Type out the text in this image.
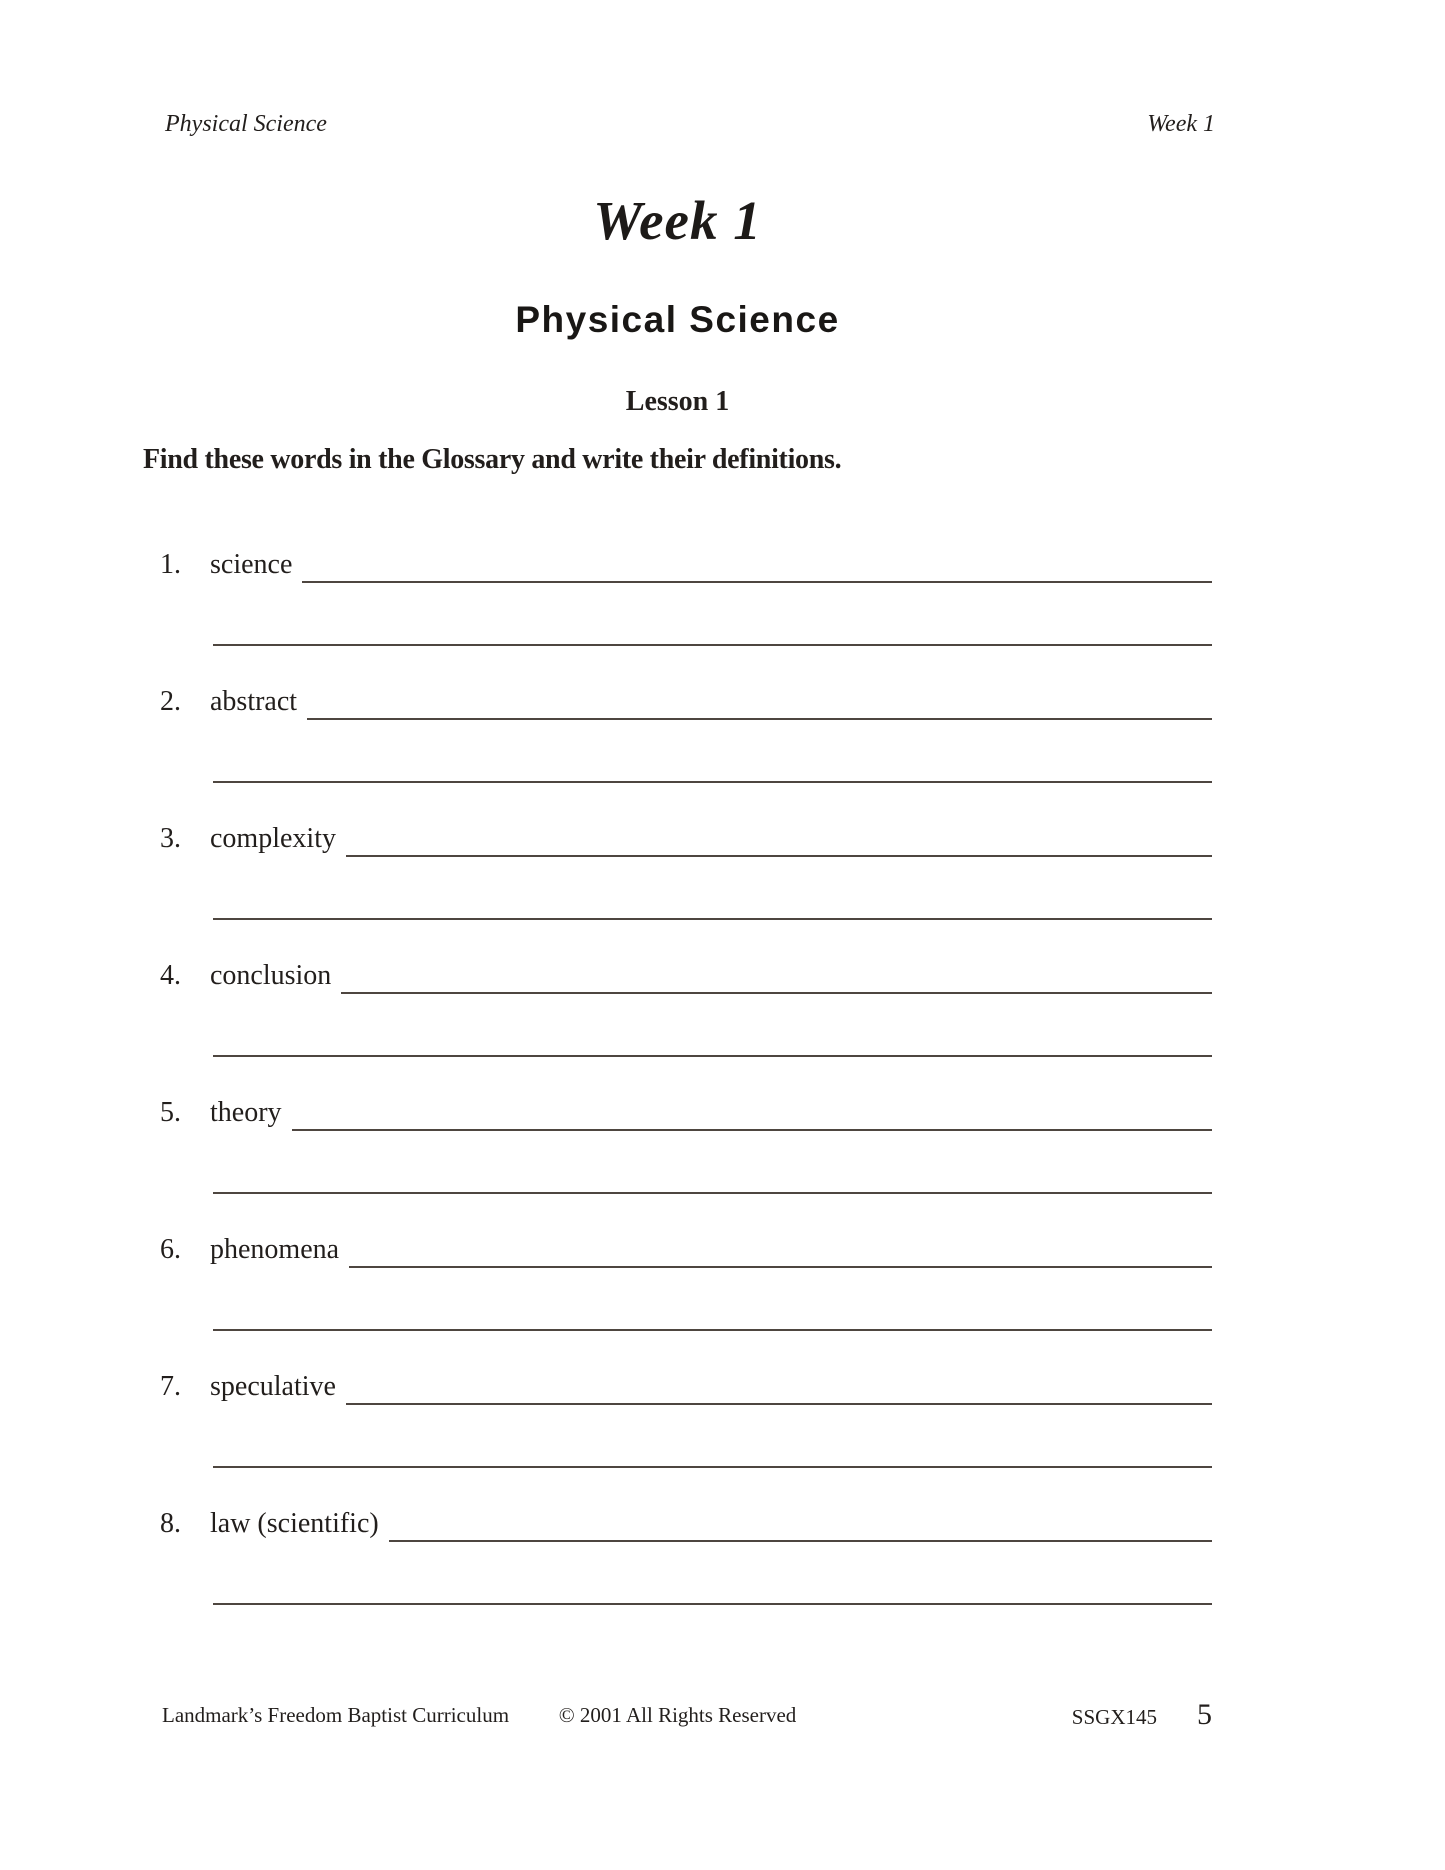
Physical Science	Week 1
Week 1
Physical Science
Lesson 1

Find these words in the Glossary and write their definitions.

1.	science
2.	abstract
3.	complexity
4.	conclusion
5.	theory
6.	phenomena
7.	speculative
8.	law (scientific)
Landmark’s Freedom Baptist Curriculum	© 2001 All Rights Reserved	SSGX145 5
